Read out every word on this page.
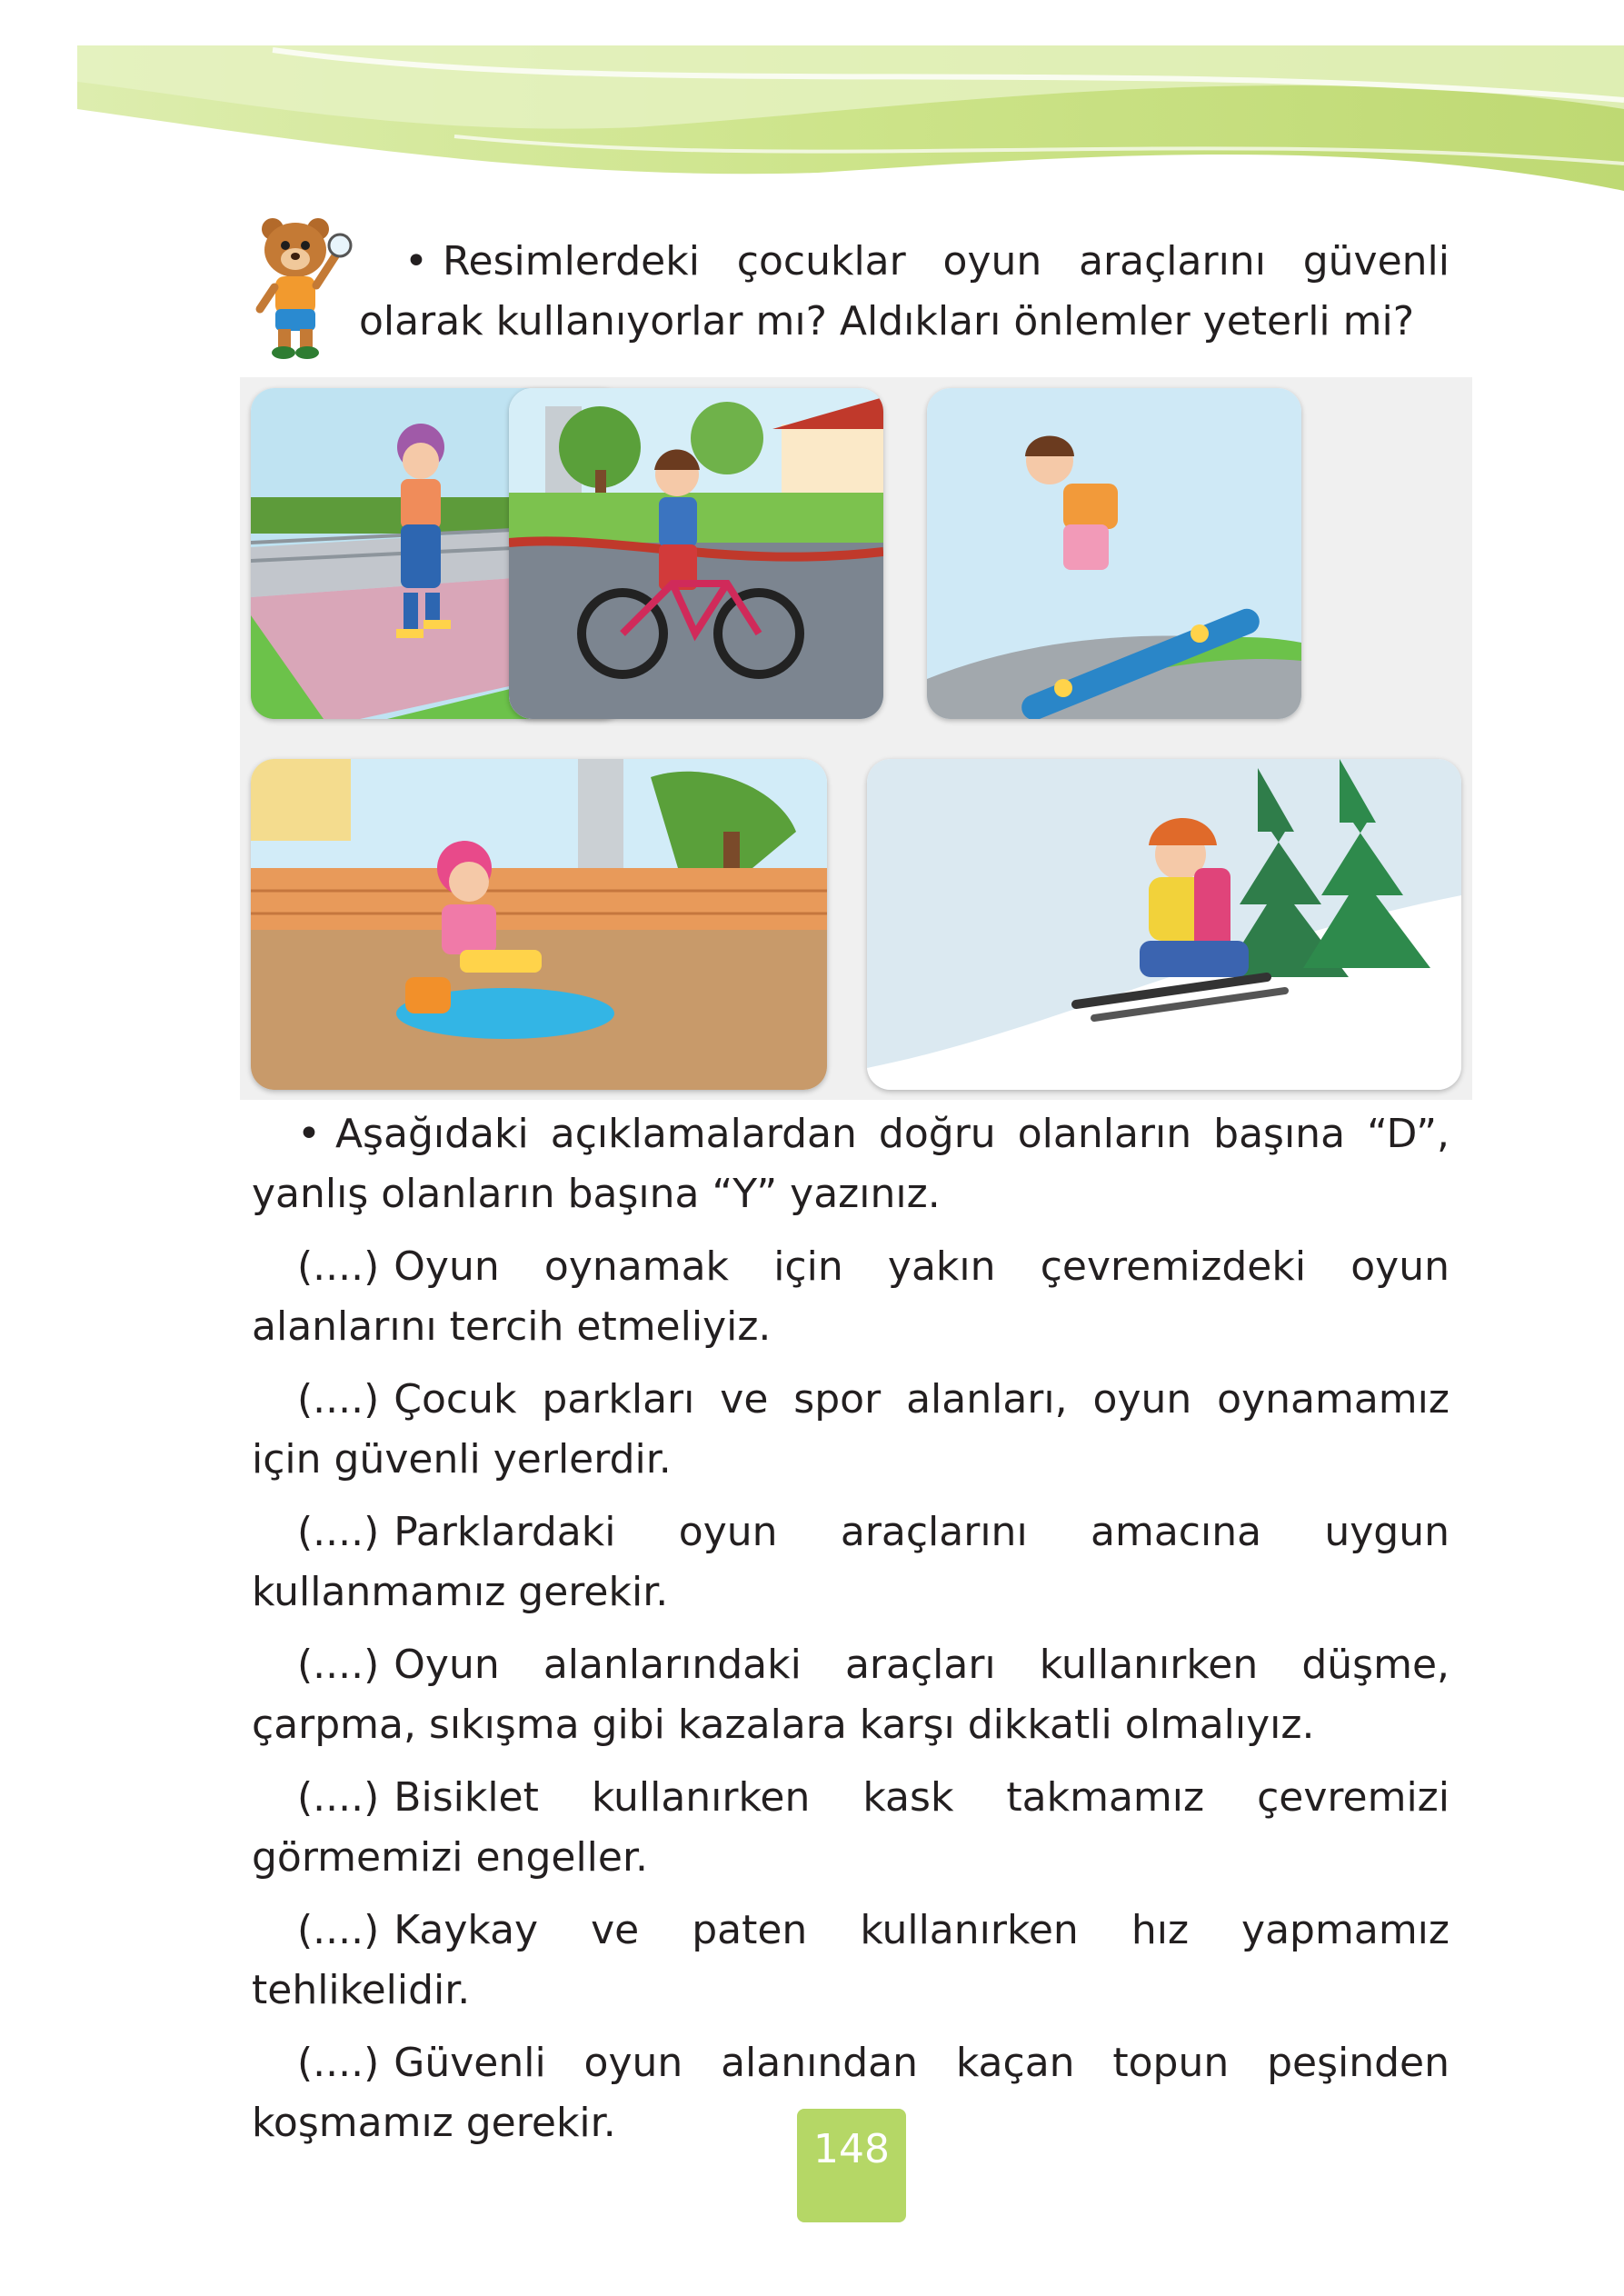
• Resimlerdeki çocuklar oyun araçlarını güvenli olarak kullanıyorlar mı? Aldıkları önlemler yeterli mi?

• Aşağıdaki açıklamalardan doğru olanların başına “D”, yanlış olanların başına “Y” yazınız.

(....) Oyun oynamak için yakın çevremizdeki oyun alanlarını tercih etmeliyiz.

(....) Çocuk parkları ve spor alanları, oyun oynamamız için güvenli yerlerdir.

(....) Parklardaki oyun araçlarını amacına uygun kullanmamız gerekir.

(....) Oyun alanlarındaki araçları kullanırken düşme, çarpma, sıkışma gibi kazalara karşı dikkatli olmalıyız.

(....) Bisiklet kullanırken kask takmamız çevremizi görmemizi engeller.

(....) Kaykay ve paten kullanırken hız yapmamız tehlikelidir.

(....) Güvenli oyun alanından kaçan topun peşinden koşmamız gerekir.

148
